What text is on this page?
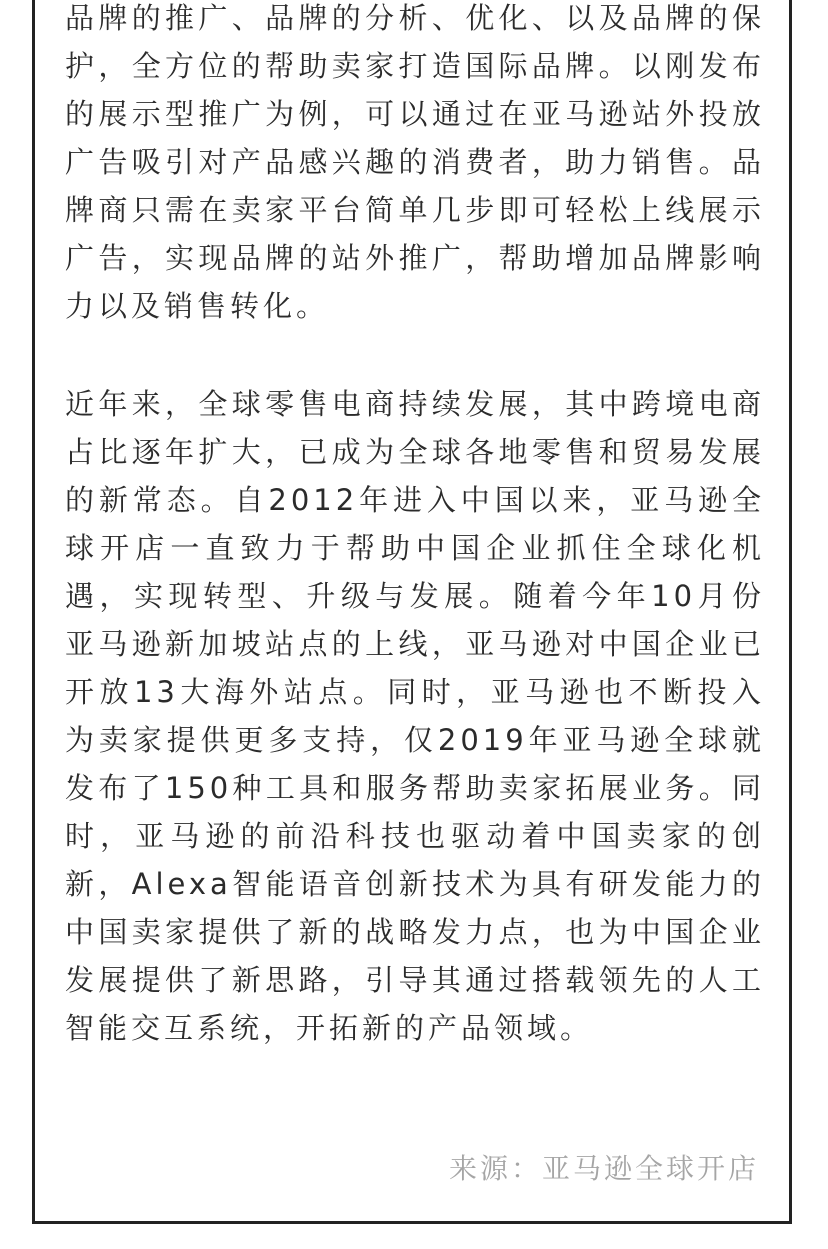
品牌的推广、品牌的分析、优化、以及品牌的保护，全方位的帮助卖家打造国际品牌。以刚发布的展示型推广为例，可以通过在亚马逊站外投放广告吸引对产品感兴趣的消费者，助力销售。品牌商只需在卖家平台简单几步即可轻松上线展示广告，实现品牌的站外推广，帮助增加品牌影响力以及销售转化。

近年来，全球零售电商持续发展，其中跨境电商占比逐年扩大，已成为全球各地零售和贸易发展的新常态。自2012年进入中国以来，亚马逊全球开店一直致力于帮助中国企业抓住全球化机遇，实现转型、升级与发展。随着今年10月份亚马逊新加坡站点的上线，亚马逊对中国企业已开放13大海外站点。同时，亚马逊也不断投入为卖家提供更多支持，仅2019年亚马逊全球就发布了150种工具和服务帮助卖家拓展业务。同时，亚马逊的前沿科技也驱动着中国卖家的创新，Alexa智能语音创新技术为具有研发能力的中国卖家提供了新的战略发力点，也为中国企业发展提供了新思路，引导其通过搭载领先的人工智能交互系统，开拓新的产品领域。

来源：亚马逊全球开店
